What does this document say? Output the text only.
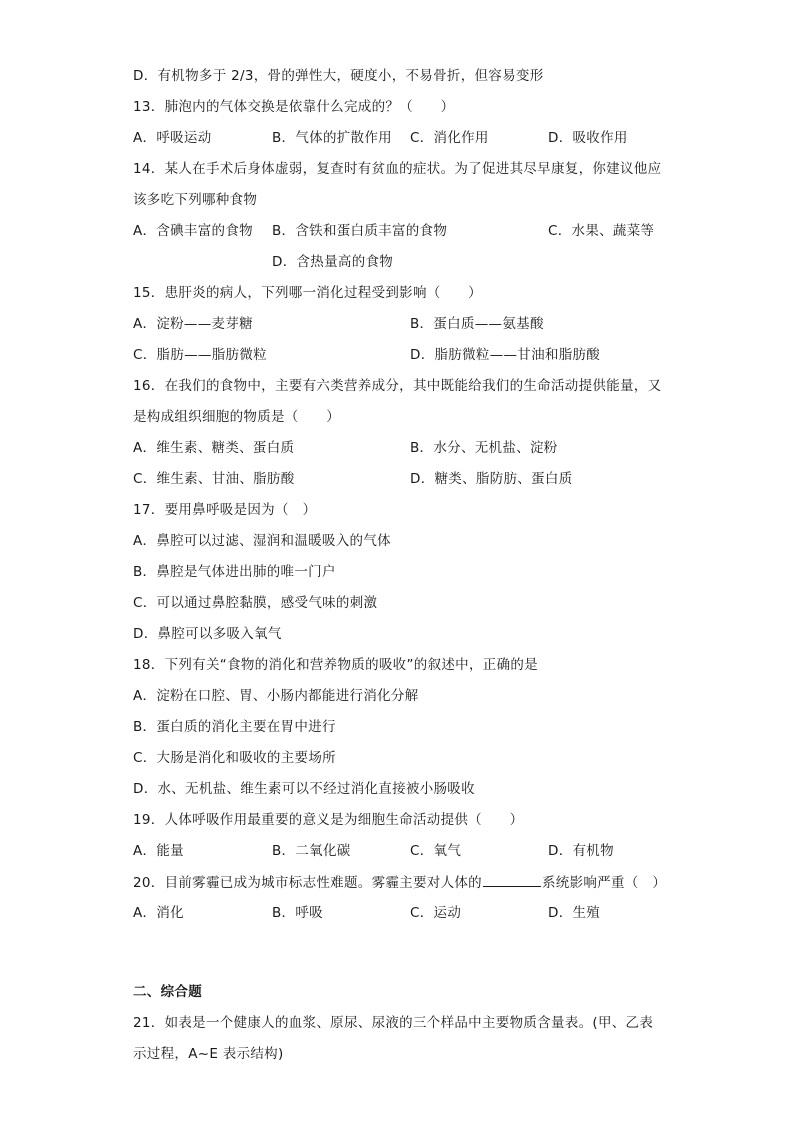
D．有机物多于 2/3，骨的弹性大，硬度小，不易骨折，但容易变形
13．肺泡内的气体交换是依靠什么完成的？（　　）
A．呼吸运动	B．气体的扩散作用 C．消化作用	D．吸收作用
14．某人在手术后身体虚弱，复查时有贫血的症状。为了促进其尽早康复，你建议他应
该多吃下列哪种食物
A．含碘丰富的食物 B．含铁和蛋白质丰富的食物	C．水果、蔬菜等
D．含热量高的食物
15．患肝炎的病人，下列哪一消化过程受到影响（　　）
A．淀粉——麦芽糖	B．蛋白质——氨基酸
C．脂肪——脂肪微粒	D．脂肪微粒——甘油和脂肪酸
16．在我们的食物中，主要有六类营养成分，其中既能给我们的生命活动提供能量，又
是构成组织细胞的物质是（　　）
A．维生素、糖类、蛋白质	B．水分、无机盐、淀粉
C．维生素、甘油、脂肪酸	D．糖类、脂防肪、蛋白质
17．要用鼻呼吸是因为（　）
A．鼻腔可以过滤、湿润和温暖吸入的气体
B．鼻腔是气体进出肺的唯一门户
C．可以通过鼻腔黏膜，感受气味的刺激
D．鼻腔可以多吸入氧气
18．下列有关“食物的消化和营养物质的吸收”的叙述中，正确的是
A．淀粉在口腔、胃、小肠内都能进行消化分解
B．蛋白质的消化主要在胃中进行
C．大肠是消化和吸收的主要场所
D．水、无机盐、维生素可以不经过消化直接被小肠吸收
19．人体呼吸作用最重要的意义是为细胞生命活动提供（　　）
A．能量	B．二氧化碳	C．氧气	D．有机物
20．目前雾霾已成为城市标志性难题。雾霾主要对人体的	系统影响严重（　）
A．消化	B．呼吸	C．运动	D．生殖
二、综合题
21．如表是一个健康人的血浆、原尿、尿液的三个样品中主要物质含量表。(甲、乙表
示过程，A~E 表示结构)
